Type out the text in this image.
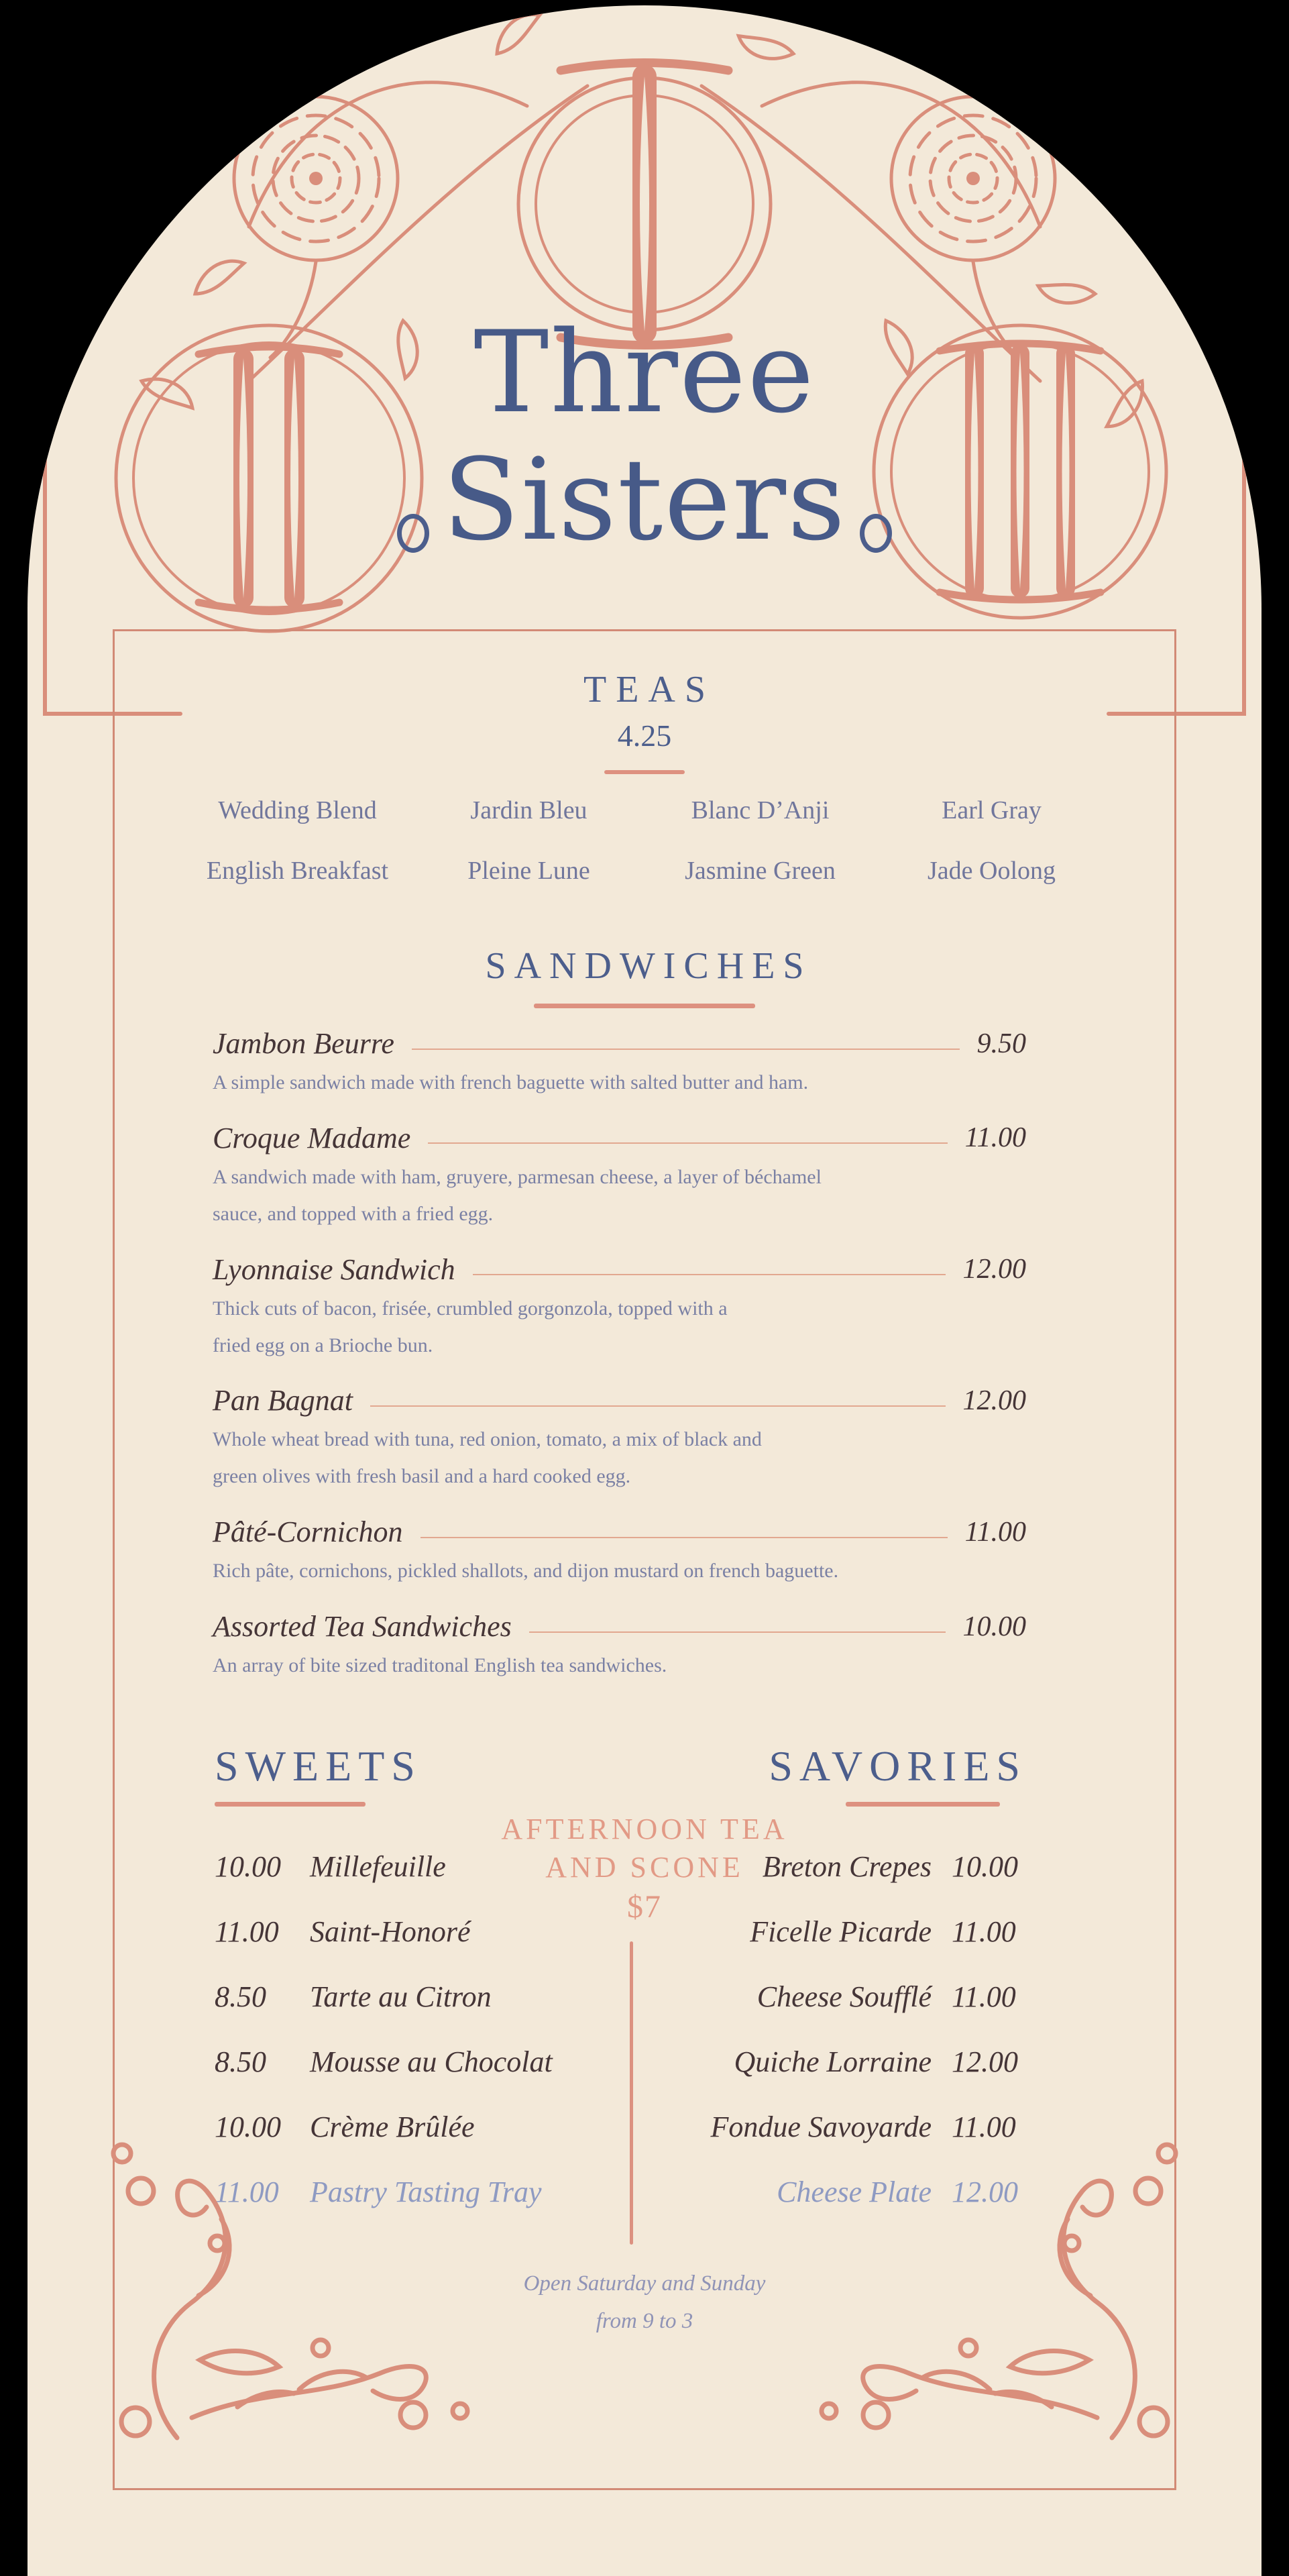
Three
Sisters
TEAS
4.25
Wedding Blend	Jardin Bleu	Blanc D’Anji	Earl Gray
English Breakfast	Pleine Lune	Jasmine Green	Jade Oolong
SANDWICHES
Jambon Beurre	9.50
A simple sandwich made with french baguette with salted butter and ham.
Croque Madame	11.00
A sandwich made with ham, gruyere, parmesan cheese, a layer of béchamel sauce, and topped with a fried egg.
Lyonnaise Sandwich	12.00
Thick cuts of bacon, frisée, crumbled gorgonzola, topped with a fried egg on a Brioche bun.
Pan Bagnat	12.00
Whole wheat bread with tuna, red onion, tomato, a mix of black and green olives with fresh basil and a hard cooked egg.
Pâté-Cornichon	11.00
Rich pâte, cornichons, pickled shallots, and dijon mustard on french baguette.
Assorted Tea Sandwiches	10.00
An array of bite sized traditonal English tea sandwiches.
SWEETS
10.00 Millefeuille
11.00	Saint-Honoré
8.50	Tarte au Citron
8.50	Mousse au Chocolat
10.00 Crème Brûlée
11.00	Pastry Tasting Tray
AFTERNOON TEA
AND SCONE
$7
SAVORIES
Breton Crepes 10.00
Ficelle Picarde 11.00
Cheese Soufflé 11.00
Quiche Lorraine 12.00
Fondue Savoyarde 11.00
Cheese Plate 12.00
Open Saturday and Sunday
from 9 to 3
